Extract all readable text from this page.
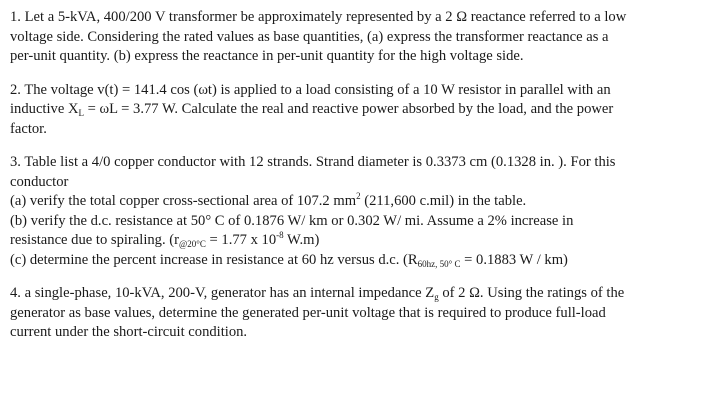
1. Let a 5-kVA, 400/200 V transformer be approximately represented by a 2 Ω reactance referred to a low
voltage side. Considering the rated values as base quantities, (a) express the transformer reactance as a
per-unit quantity. (b) express the reactance in per-unit quantity for the high voltage side.
2. The voltage v(t) = 141.4 cos (ωt) is applied to a load consisting of a 10 W resistor in parallel with an
inductive $X_L = \omega L = 3.77$ W. Calculate the real and reactive power absorbed by the load, and the power
factor.
3. Table list a 4/0 copper conductor with 12 strands. Strand diameter is 0.3373 cm (0.1328 in. ). For this
conductor
(a) verify the total copper cross-sectional area of 107.2 $mm^2$ (211,600 c.mil) in the table.
(b) verify the d.c. resistance at 50° C of 0.1876 W/ km or 0.302 W/ mi. Assume a 2% increase in
resistance due to spiraling. ($r_{@20^\circ C} = 1.77$ x $10^{-8}$ W.m)
(c) determine the percent increase in resistance at 60 hz versus d.c. ($R_{60hz, 50^\circ C} = 0.1883$ W / km)
4. a single-phase, 10-kVA, 200-V, generator has an internal impedance $Z_g$ of 2 Ω. Using the ratings of the
generator as base values, determine the generated per-unit voltage that is required to produce full-load
current under the short-circuit condition.
